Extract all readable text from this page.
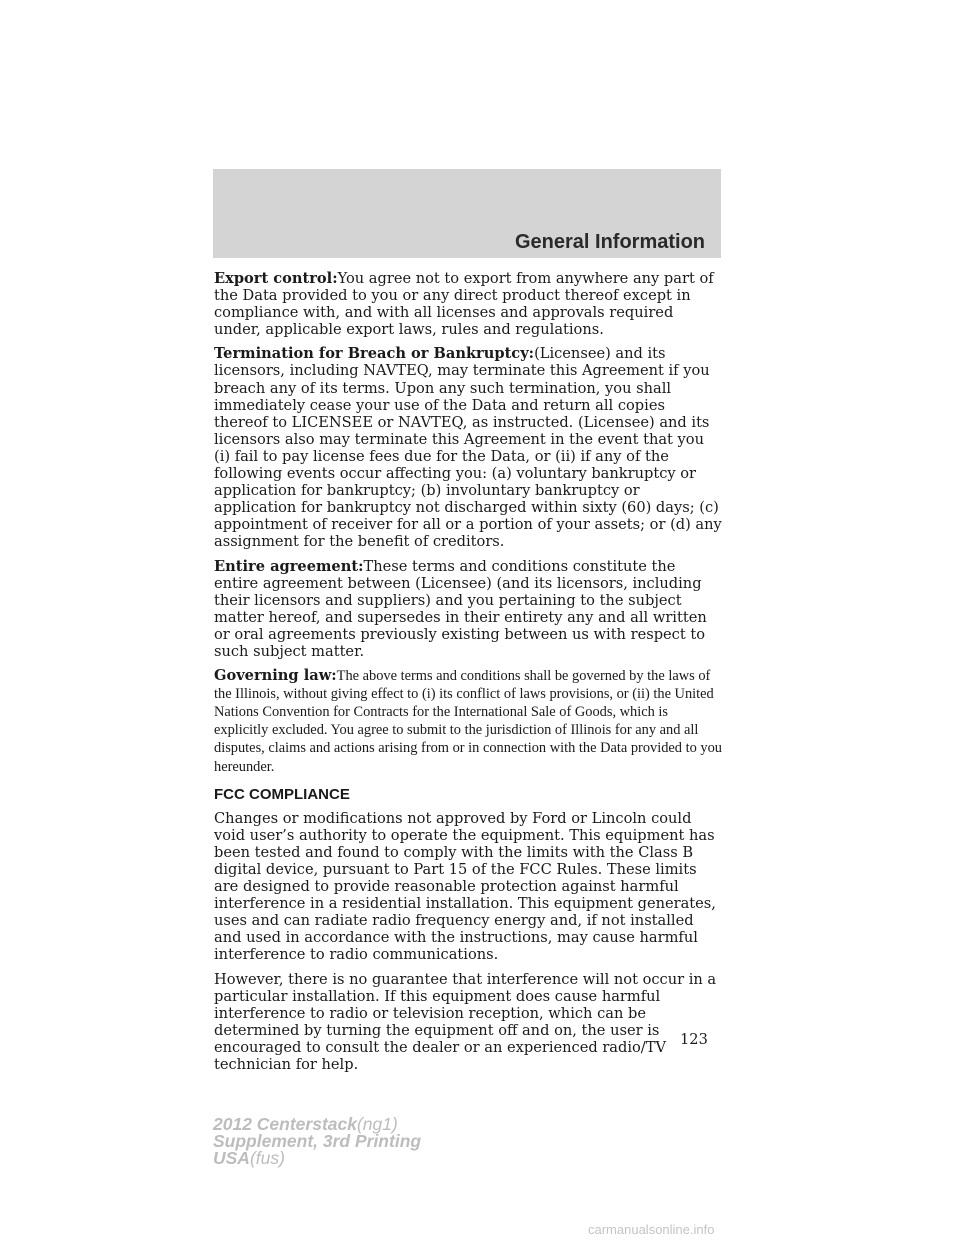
General Information

Export control:You agree not to export from anywhere any part of the Data provided to you or any direct product thereof except in compliance with, and with all licenses and approvals required under, applicable export laws, rules and regulations.

Termination for Breach or Bankruptcy:(Licensee) and its licensors, including NAVTEQ, may terminate this Agreement if you breach any of its terms. Upon any such termination, you shall immediately cease your use of the Data and return all copies thereof to LICENSEE or NAVTEQ, as instructed. (Licensee) and its licensors also may terminate this Agreement in the event that you (i) fail to pay license fees due for the Data, or (ii) if any of the following events occur affecting you: (a) voluntary bankruptcy or application for bankruptcy; (b) involuntary bankruptcy or application for bankruptcy not discharged within sixty (60) days; (c) appointment of receiver for all or a portion of your assets; or (d) any assignment for the benefit of creditors.

Entire agreement:These terms and conditions constitute the entire agreement between (Licensee) (and its licensors, including their licensors and suppliers) and you pertaining to the subject matter hereof, and supersedes in their entirety any and all written or oral agreements previously existing between us with respect to such subject matter.

Governing law:The above terms and conditions shall be governed by the laws of the Illinois, without giving effect to (i) its conflict of laws provisions, or (ii) the United Nations Convention for Contracts for the International Sale of Goods, which is explicitly excluded. You agree to submit to the jurisdiction of Illinois for any and all disputes, claims and actions arising from or in connection with the Data provided to you hereunder.

FCC COMPLIANCE

Changes or modifications not approved by Ford or Lincoln could void user’s authority to operate the equipment. This equipment has been tested and found to comply with the limits with the Class B digital device, pursuant to Part 15 of the FCC Rules. These limits are designed to provide reasonable protection against harmful interference in a residential installation. This equipment generates, uses and can radiate radio frequency energy and, if not installed and used in accordance with the instructions, may cause harmful interference to radio communications.

However, there is no guarantee that interference will not occur in a particular installation. If this equipment does cause harmful interference to radio or television reception, which can be determined by turning the equipment off and on, the user is encouraged to consult the dealer or an experienced radio/TV technician for help.

123
2012 Centerstack(ng1)
Supplement, 3rd Printing
USA(fus)
carmanualsonline.info
